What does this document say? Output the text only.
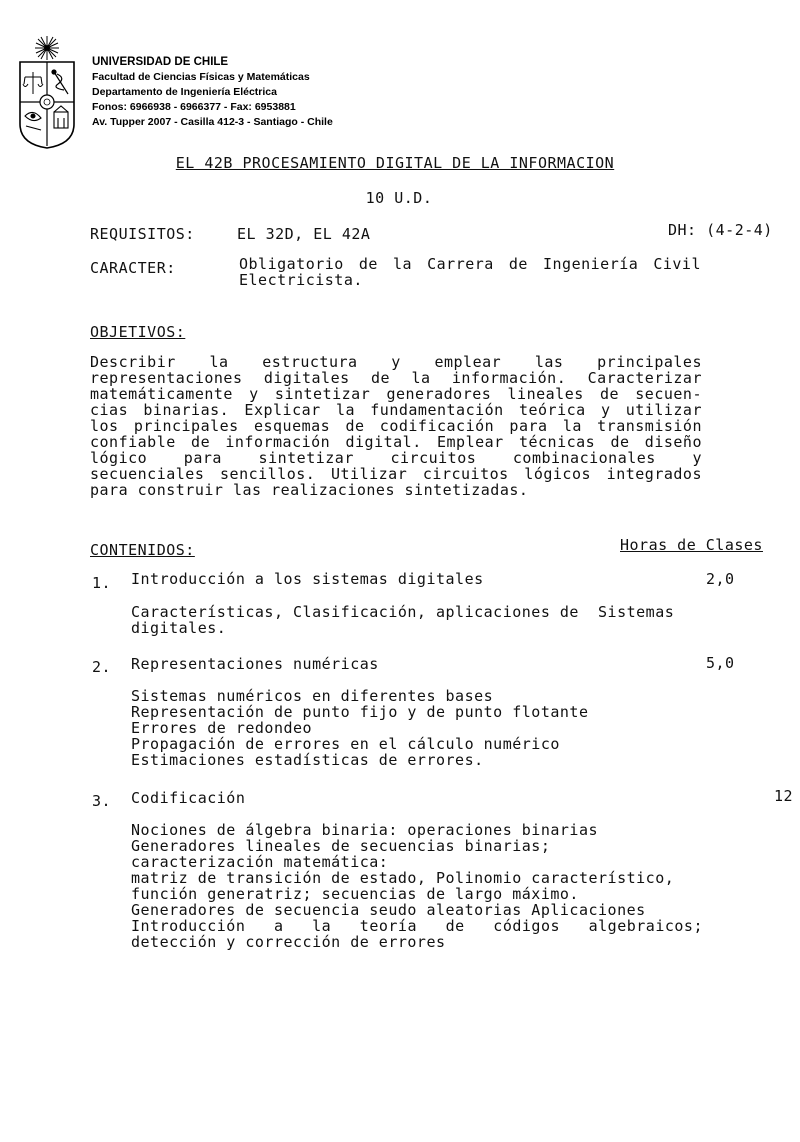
UNIVERSIDAD DE CHILE
Facultad de Ciencias Físicas y Matemáticas
Departamento de Ingeniería Eléctrica
Fonos: 6966938 - 6966377 - Fax: 6953881
Av. Tupper 2007 - Casilla 412-3 - Santiago - Chile
EL 42B PROCESAMIENTO DIGITAL DE LA INFORMACION
10 U.D.
REQUISITOS:	EL 32D, EL 42A	DH: (4-2-4)
CARACTER:	Obligatorio de la Carrera de Ingeniería Civil
Electricista.
OBJETIVOS:
Describir la estructura y emplear las principales
representaciones digitales de la información. Caracterizar
matemáticamente y sintetizar generadores lineales de secuen-
cias binarias. Explicar la fundamentación teórica y utilizar
los principales esquemas de codificación para la transmisión
confiable de información digital. Emplear técnicas de diseño
lógico para sintetizar circuitos combinacionales y
secuenciales sencillos. Utilizar circuitos lógicos integrados
para construir las realizaciones sintetizadas.
CONTENIDOS:	Horas de Clases
1. Introducción a los sistemas digitales	2,0
Características, Clasificación, aplicaciones de  Sistemas
digitales.
2. Representaciones numéricas	5,0
Sistemas numéricos en diferentes bases
Representación de punto fijo y de punto flotante
Errores de redondeo
Propagación de errores en el cálculo numérico
Estimaciones estadísticas de errores.
3. Codificación	12
Nociones de álgebra binaria: operaciones binarias
Generadores lineales de secuencias binarias;
caracterización matemática:
matriz de transición de estado, Polinomio característico,
función generatriz; secuencias de largo máximo.
Generadores de secuencia seudo aleatorias Aplicaciones
Introducción a la teoría de códigos algebraicos;
detección y corrección de errores
